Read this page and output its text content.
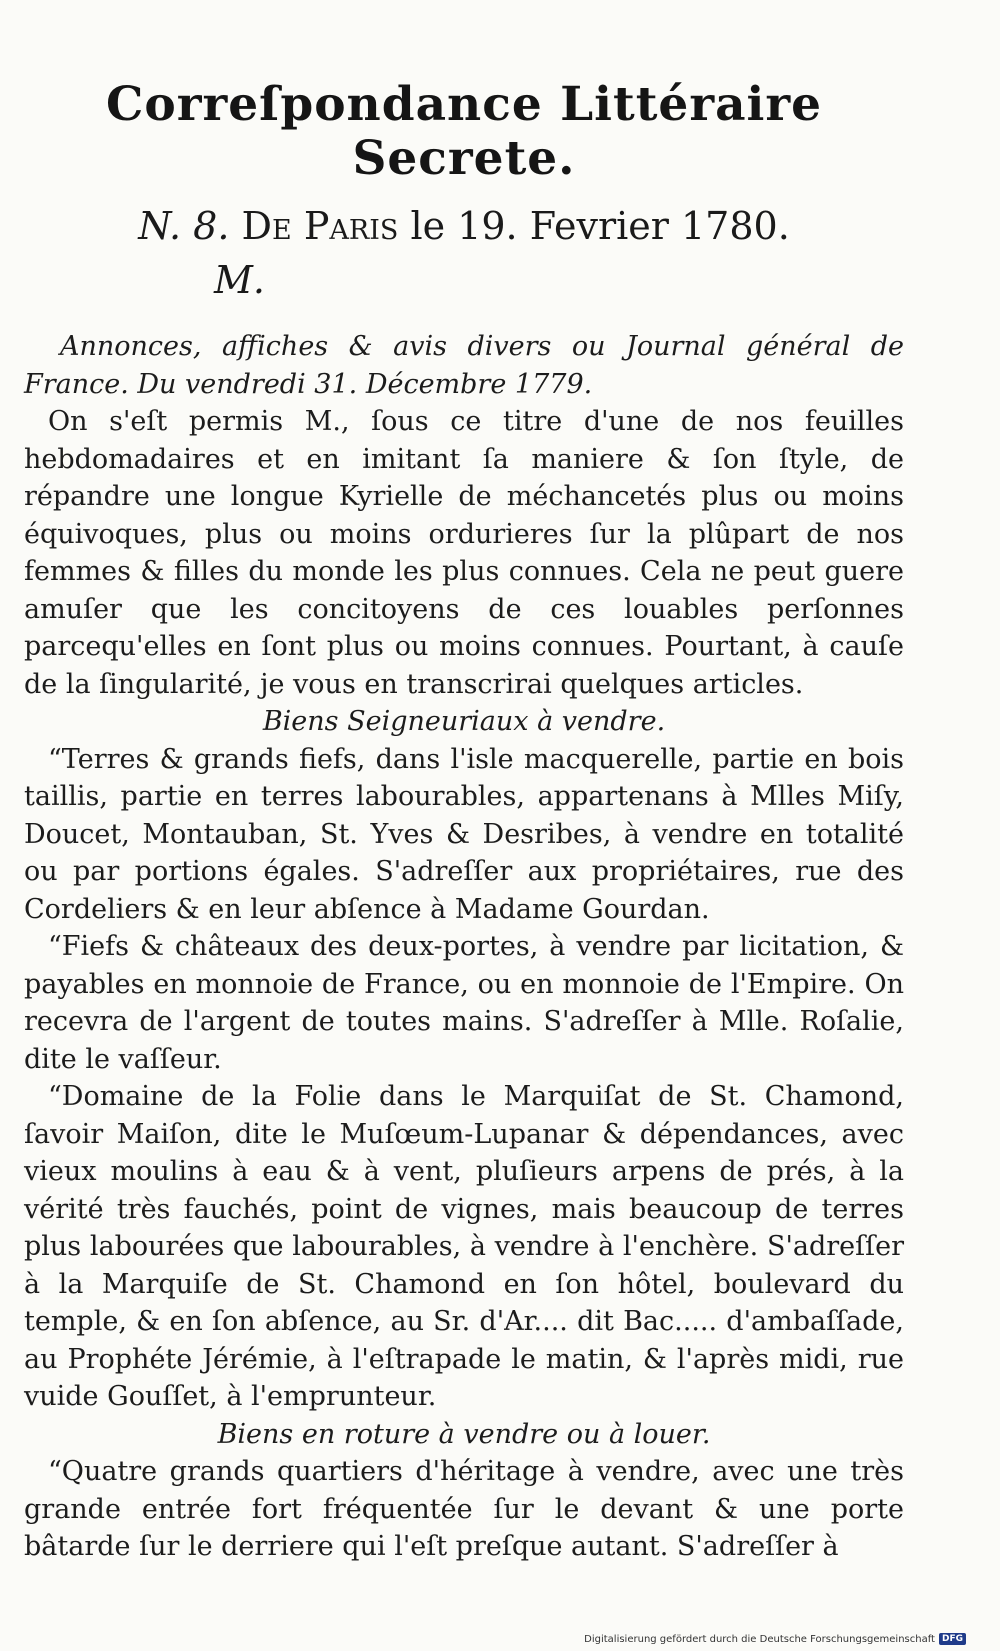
Correſpondance Littéraire Secrete.
N. 8. De Paris le 19. Fevrier 1780.
M.

Annonces, affiches & avis divers ou Journal général de France. Du vendredi 31. Décembre 1779.

On s'eſt permis M., ſous ce titre d'une de nos feuilles hebdomadaires et en imitant ſa maniere & ſon ſtyle, de répandre une longue Kyrielle de méchancetés plus ou moins équivoques, plus ou moins ordurieres ſur la plûpart de nos femmes & filles du monde les plus connues. Cela ne peut guere amuſer que les concitoyens de ces louables perſonnes parcequ'elles en ſont plus ou moins connues. Pourtant, à cauſe de la ſingularité, je vous en transcrirai quelques articles.

Biens Seigneuriaux à vendre.

“Terres & grands fiefs, dans l'isle macquerelle, partie en bois taillis, partie en terres labourables, appartenans à Mlles Miſy, Doucet, Montauban, St. Yves & Desribes, à vendre en totalité ou par portions égales. S'adreſſer aux propriétaires, rue des Cordeliers & en leur abſence à Madame Gourdan.

“Fiefs & châteaux des deux-portes, à vendre par licitation, & payables en monnoie de France, ou en monnoie de l'Empire. On recevra de l'argent de toutes mains. S'adreſſer à Mlle. Roſalie, dite le vaſſeur.

“Domaine de la Folie dans le Marquiſat de St. Chamond, ſavoir Maiſon, dite le Muſœum-Lupanar & dépendances, avec vieux moulins à eau & à vent, pluſieurs arpens de prés, à la vérité très fauchés, point de vignes, mais beaucoup de terres plus labourées que labourables, à vendre à l'enchère. S'adreſſer à la Marquiſe de St. Chamond en ſon hôtel, boulevard du temple, & en ſon abſence, au Sr. d'Ar.... dit Bac..... d'ambaſſade, au Prophéte Jérémie, à l'eſtrapade le matin, & l'après midi, rue vuide Gouſſet, à l'emprunteur.

Biens en roture à vendre ou à louer.

“Quatre grands quartiers d'héritage à vendre, avec une très grande entrée fort fréquentée ſur le devant & une porte bâtarde ſur le derriere qui l'eſt preſque autant. S'adreſſer à

Digitalisierung gefördert durch die Deutsche Forschungsgemeinschaft DFG
